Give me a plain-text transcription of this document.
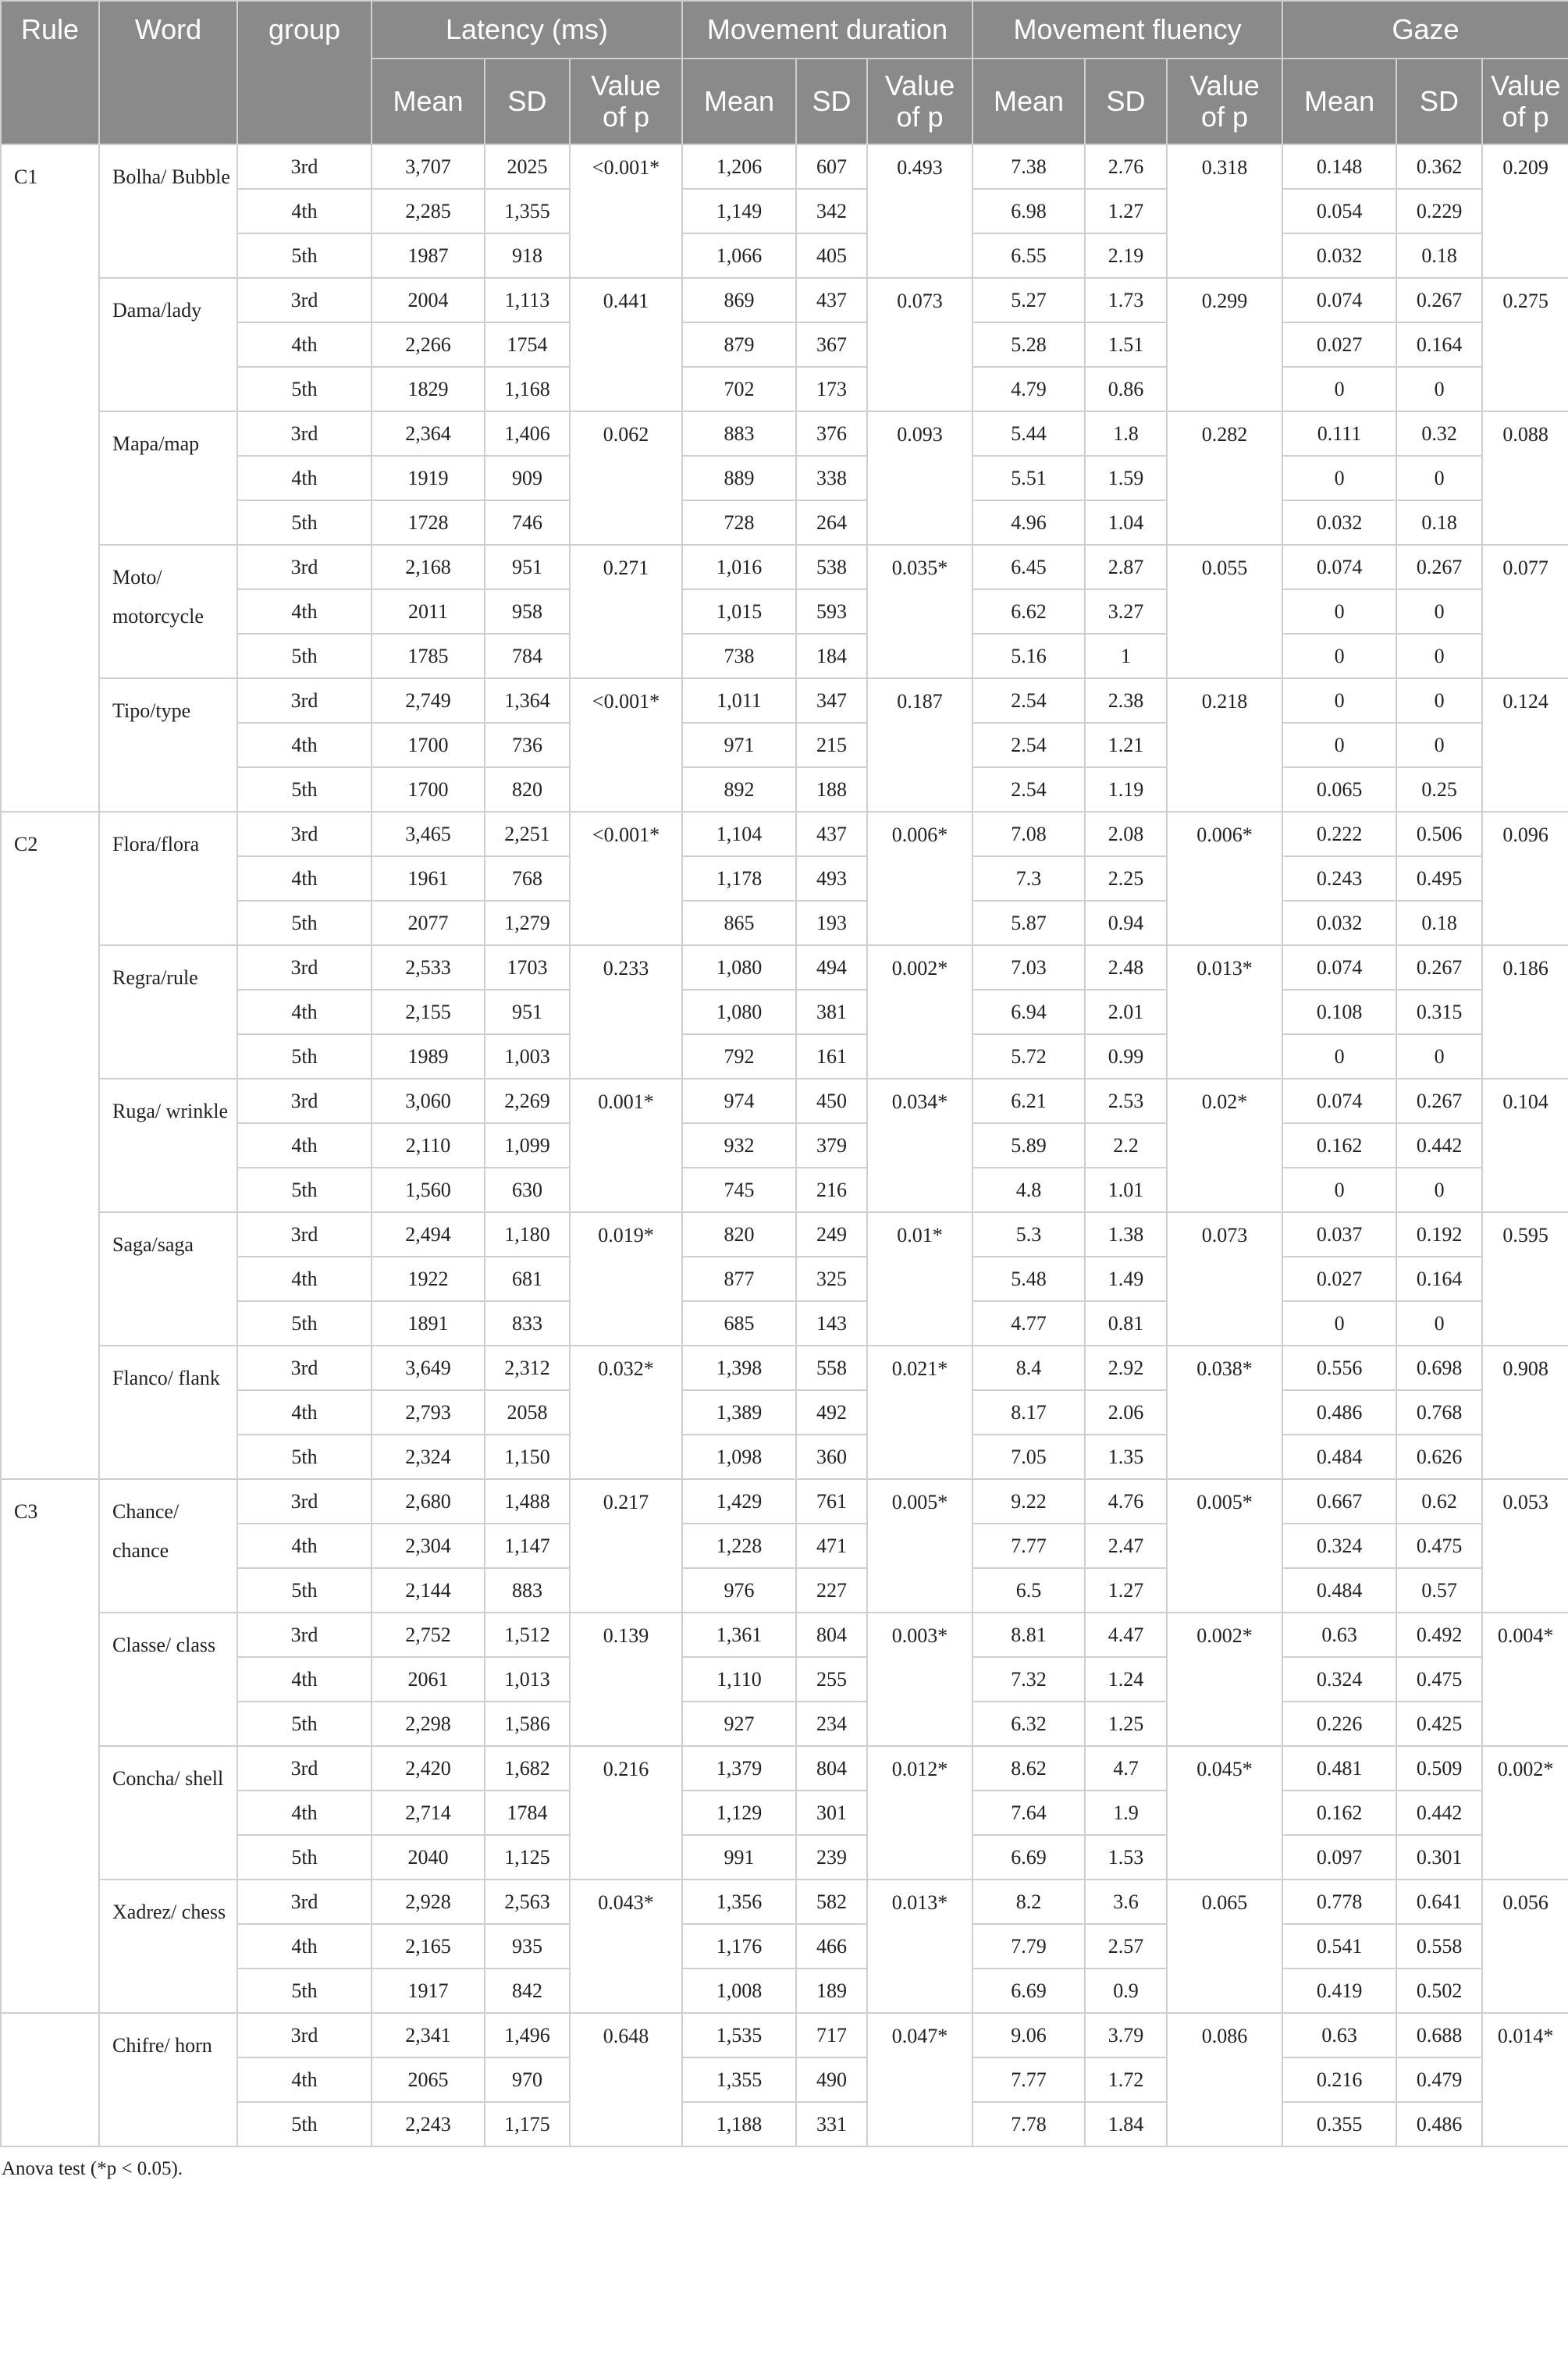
Rule	Word	group	Latency (ms)			Movement duration			Movement fluency			Gaze		
			Mean	SD	Value of p	Mean	SD	Value of p	Mean	SD	Value of p	Mean	SD	Value of p
C1	Bolha/ Bubble	3rd	3,707	2025	<0.001*	1,206	607	0.493	7.38	2.76	0.318	0.148	0.362	0.209
		4th	2,285	1,355		1,149	342		6.98	1.27		0.054	0.229	
		5th	1987	918		1,066	405		6.55	2.19		0.032	0.18	
	Dama/lady	3rd	2004	1,113	0.441	869	437	0.073	5.27	1.73	0.299	0.074	0.267	0.275
		4th	2,266	1754		879	367		5.28	1.51		0.027	0.164	
		5th	1829	1,168		702	173		4.79	0.86		0	0	
	Mapa/map	3rd	2,364	1,406	0.062	883	376	0.093	5.44	1.8	0.282	0.111	0.32	0.088
		4th	1919	909		889	338		5.51	1.59		0	0	
		5th	1728	746		728	264		4.96	1.04		0.032	0.18	
	Moto/ motorcycle	3rd	2,168	951	0.271	1,016	538	0.035*	6.45	2.87	0.055	0.074	0.267	0.077
		4th	2011	958		1,015	593		6.62	3.27		0	0	
		5th	1785	784		738	184		5.16	1		0	0	
	Tipo/type	3rd	2,749	1,364	<0.001*	1,011	347	0.187	2.54	2.38	0.218	0	0	0.124
		4th	1700	736		971	215		2.54	1.21		0	0	
		5th	1700	820		892	188		2.54	1.19		0.065	0.25	
C2	Flora/flora	3rd	3,465	2,251	<0.001*	1,104	437	0.006*	7.08	2.08	0.006*	0.222	0.506	0.096
		4th	1961	768		1,178	493		7.3	2.25		0.243	0.495	
		5th	2077	1,279		865	193		5.87	0.94		0.032	0.18	
	Regra/rule	3rd	2,533	1703	0.233	1,080	494	0.002*	7.03	2.48	0.013*	0.074	0.267	0.186
		4th	2,155	951		1,080	381		6.94	2.01		0.108	0.315	
		5th	1989	1,003		792	161		5.72	0.99		0	0	
	Ruga/ wrinkle	3rd	3,060	2,269	0.001*	974	450	0.034*	6.21	2.53	0.02*	0.074	0.267	0.104
		4th	2,110	1,099		932	379		5.89	2.2		0.162	0.442	
		5th	1,560	630		745	216		4.8	1.01		0	0	
	Saga/saga	3rd	2,494	1,180	0.019*	820	249	0.01*	5.3	1.38	0.073	0.037	0.192	0.595
		4th	1922	681		877	325		5.48	1.49		0.027	0.164	
		5th	1891	833		685	143		4.77	0.81		0	0	
	Flanco/ flank	3rd	3,649	2,312	0.032*	1,398	558	0.021*	8.4	2.92	0.038*	0.556	0.698	0.908
		4th	2,793	2058		1,389	492		8.17	2.06		0.486	0.768	
		5th	2,324	1,150		1,098	360		7.05	1.35		0.484	0.626	
C3	Chance/ chance	3rd	2,680	1,488	0.217	1,429	761	0.005*	9.22	4.76	0.005*	0.667	0.62	0.053
		4th	2,304	1,147		1,228	471		7.77	2.47		0.324	0.475	
		5th	2,144	883		976	227		6.5	1.27		0.484	0.57	
	Classe/ class	3rd	2,752	1,512	0.139	1,361	804	0.003*	8.81	4.47	0.002*	0.63	0.492	0.004*
		4th	2061	1,013		1,110	255		7.32	1.24		0.324	0.475	
		5th	2,298	1,586		927	234		6.32	1.25		0.226	0.425	
	Concha/ shell	3rd	2,420	1,682	0.216	1,379	804	0.012*	8.62	4.7	0.045*	0.481	0.509	0.002*
		4th	2,714	1784		1,129	301		7.64	1.9		0.162	0.442	
		5th	2040	1,125		991	239		6.69	1.53		0.097	0.301	
	Xadrez/ chess	3rd	2,928	2,563	0.043*	1,356	582	0.013*	8.2	3.6	0.065	0.778	0.641	0.056
		4th	2,165	935		1,176	466		7.79	2.57		0.541	0.558	
		5th	1917	842		1,008	189		6.69	0.9		0.419	0.502	
	Chifre/ horn	3rd	2,341	1,496	0.648	1,535	717	0.047*	9.06	3.79	0.086	0.63	0.688	0.014*
		4th	2065	970		1,355	490		7.77	1.72		0.216	0.479	
		5th	2,243	1,175		1,188	331		7.78	1.84		0.355	0.486	
Anova test (*p < 0.05).
